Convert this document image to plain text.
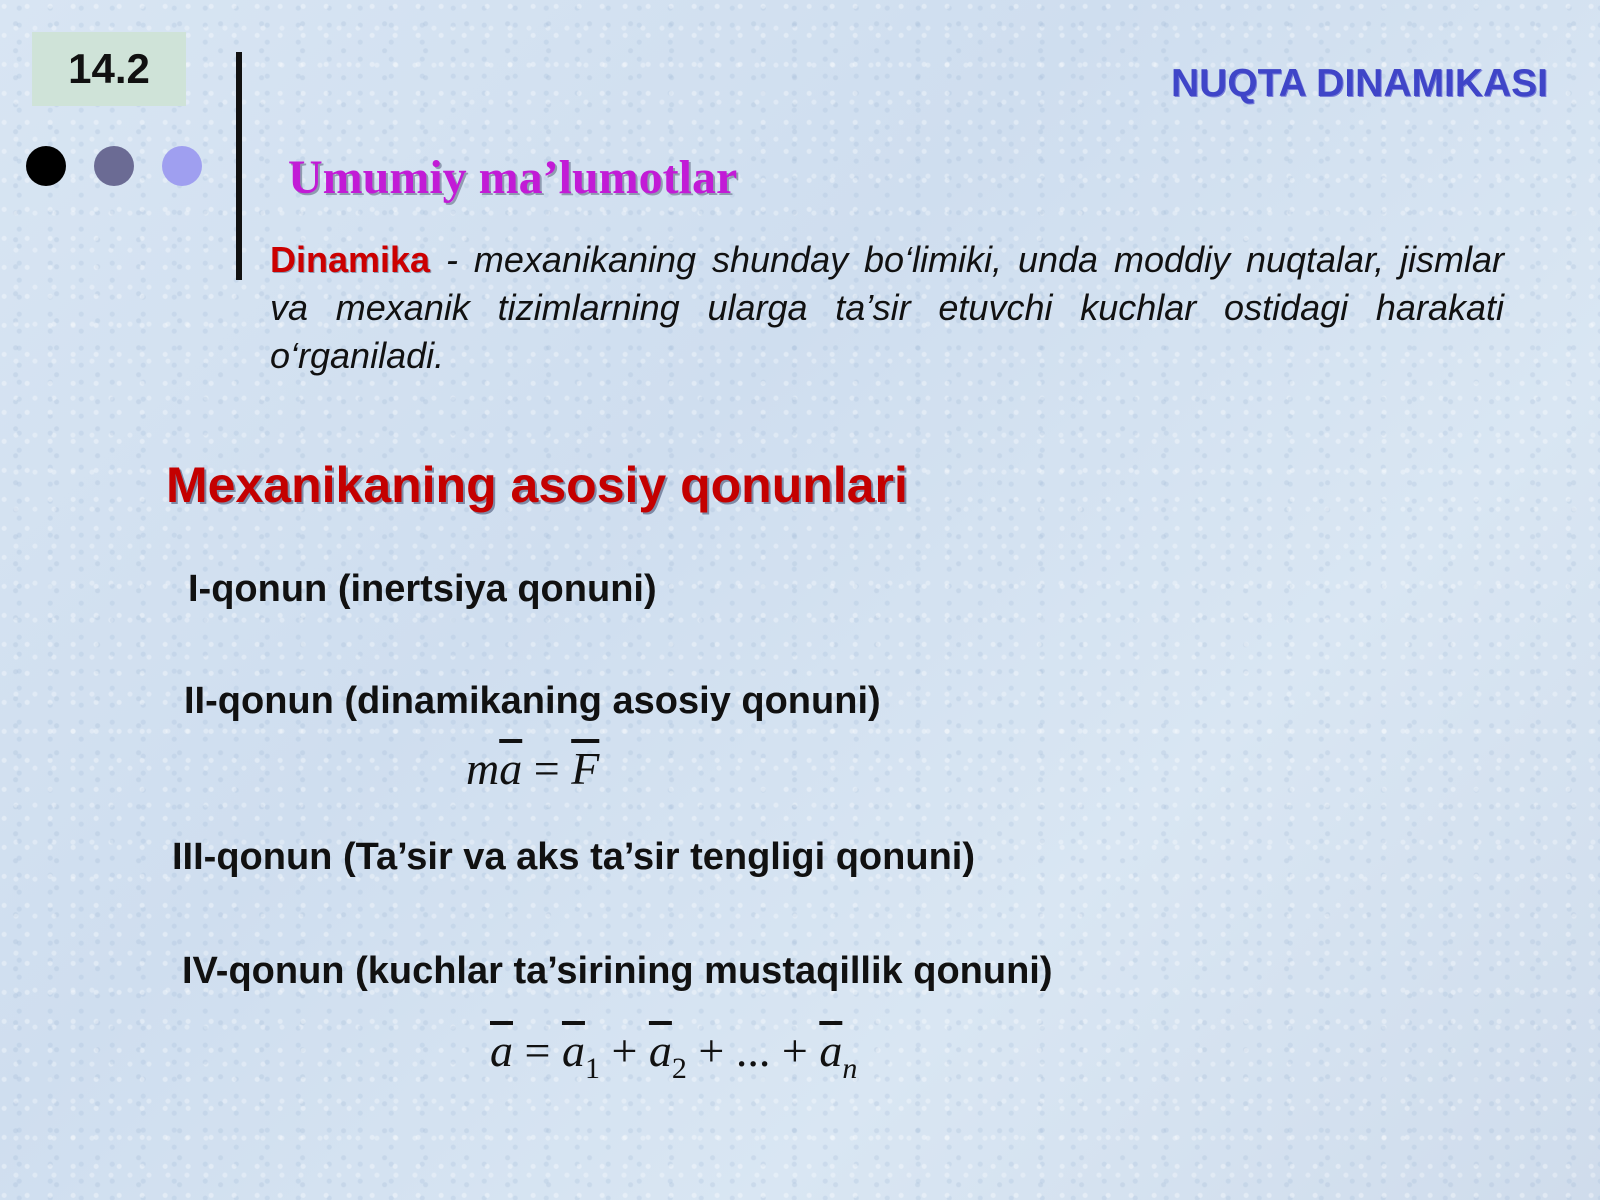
14.2	NUQTA DINAMIKASI
Umumiy ma’lumotlar
Dinamika - mexanikaning shunday bo‘limiki, unda moddiy nuqtalar, jismlar va mexanik tizimlarning ularga ta’sir etuvchi kuchlar ostidagi harakati o‘rganiladi.
Mexanikaning asosiy qonunlari
I-qonun (inertsiya qonuni)
II-qonun (dinamikaning asosiy qonuni)
$m\overline{a} = \overline{F}$
III-qonun (Ta’sir va aks ta’sir tengligi qonuni)
IV-qonun (kuchlar ta’sirining mustaqillik qonuni)
$\overline{a} = \overline{a}_1 + \overline{a}_2$ + ... + $\overline{a}_n$
